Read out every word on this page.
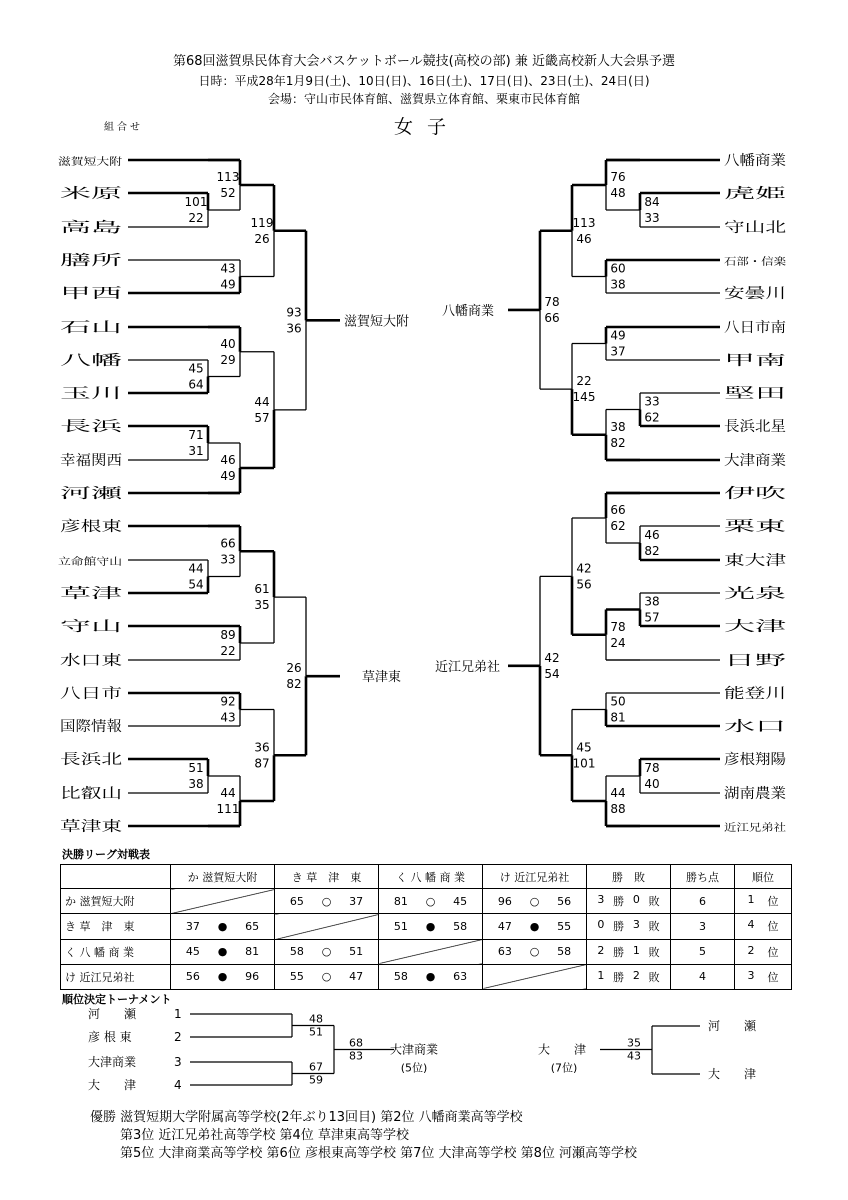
第68回滋賀県民体育大会バスケットボール競技(高校の部) 兼 近畿高校新人大会県予選
日時：平成28年1月9日(土)、10日(日)、16日(土)、17日(日)、23日(土)、24日(日)
会場：守山市民体育館、滋賀県立体育館、栗東市民体育館
組合せ	女子
滋賀短大附
米原
高島
膳所
甲西
石山
八幡
玉川
長浜
幸福関西
河瀬
彦根東
立命館守山
草津
守山
水口東
八日市
国際情報
長浜北
比叡山
草津東
八幡商業
虎姫
守山北
石部・信楽
安曇川
八日市南
甲南
堅田
長浜北星
大津商業
伊吹
栗東
東大津
光泉
大津
日野
能登川
水口
彦根翔陽
湖南農業
近江兄弟社
101
22
113
52
43
49
119
26
45
64
40
29
71
31
46
49
44
57
93
36	滋賀短大附
44
54
66
33
89
22
61
35
92
43
51
38
44
111
36
87
26
82	草津東
84
33
76
48
60
38
113
46
49
37
33
62
38
82
22
145
78
66
八幡商業
46
82
66
62
38
57
78
24
42
56
50
81
78
40
44
88
45
101
42
54
近江兄弟社
決勝リーグ対戦表
	か 滋賀短大附	き 草　津　東	く 八 幡 商 業	け 近江兄弟社	勝　敗	勝ち点	順位
か 滋賀短大附		65 ○ 37	81 ○ 45	96 ○ 56	3 勝 0 敗	6	1 位

き 草　津　東	37 ● 65		51 ● 58	47 ● 55	0 勝 3 敗	3	4 位

く 八 幡 商 業	45 ● 81	58 ○ 51		63 ○ 58	2 勝 1 敗	5	2 位

け 近江兄弟社	56 ● 96	55 ○ 47	58 ● 63		1 勝 2 敗	4	3 位
順位決定トーナメント
河　　瀬	1
彦 根 東	2
大津商業	3
大　　津	4
48
51
67
59
68
83 大津商業
(5位)
大　　津	35
43
河　　瀬
大　　津
(7位)
優勝 滋賀短期大学附属高等学校(2年ぶり13回目) 第2位 八幡商業高等学校
第3位 近江兄弟社高等学校 第4位 草津東高等学校
第5位 大津商業高等学校 第6位 彦根東高等学校 第7位 大津高等学校 第8位 河瀬高等学校
